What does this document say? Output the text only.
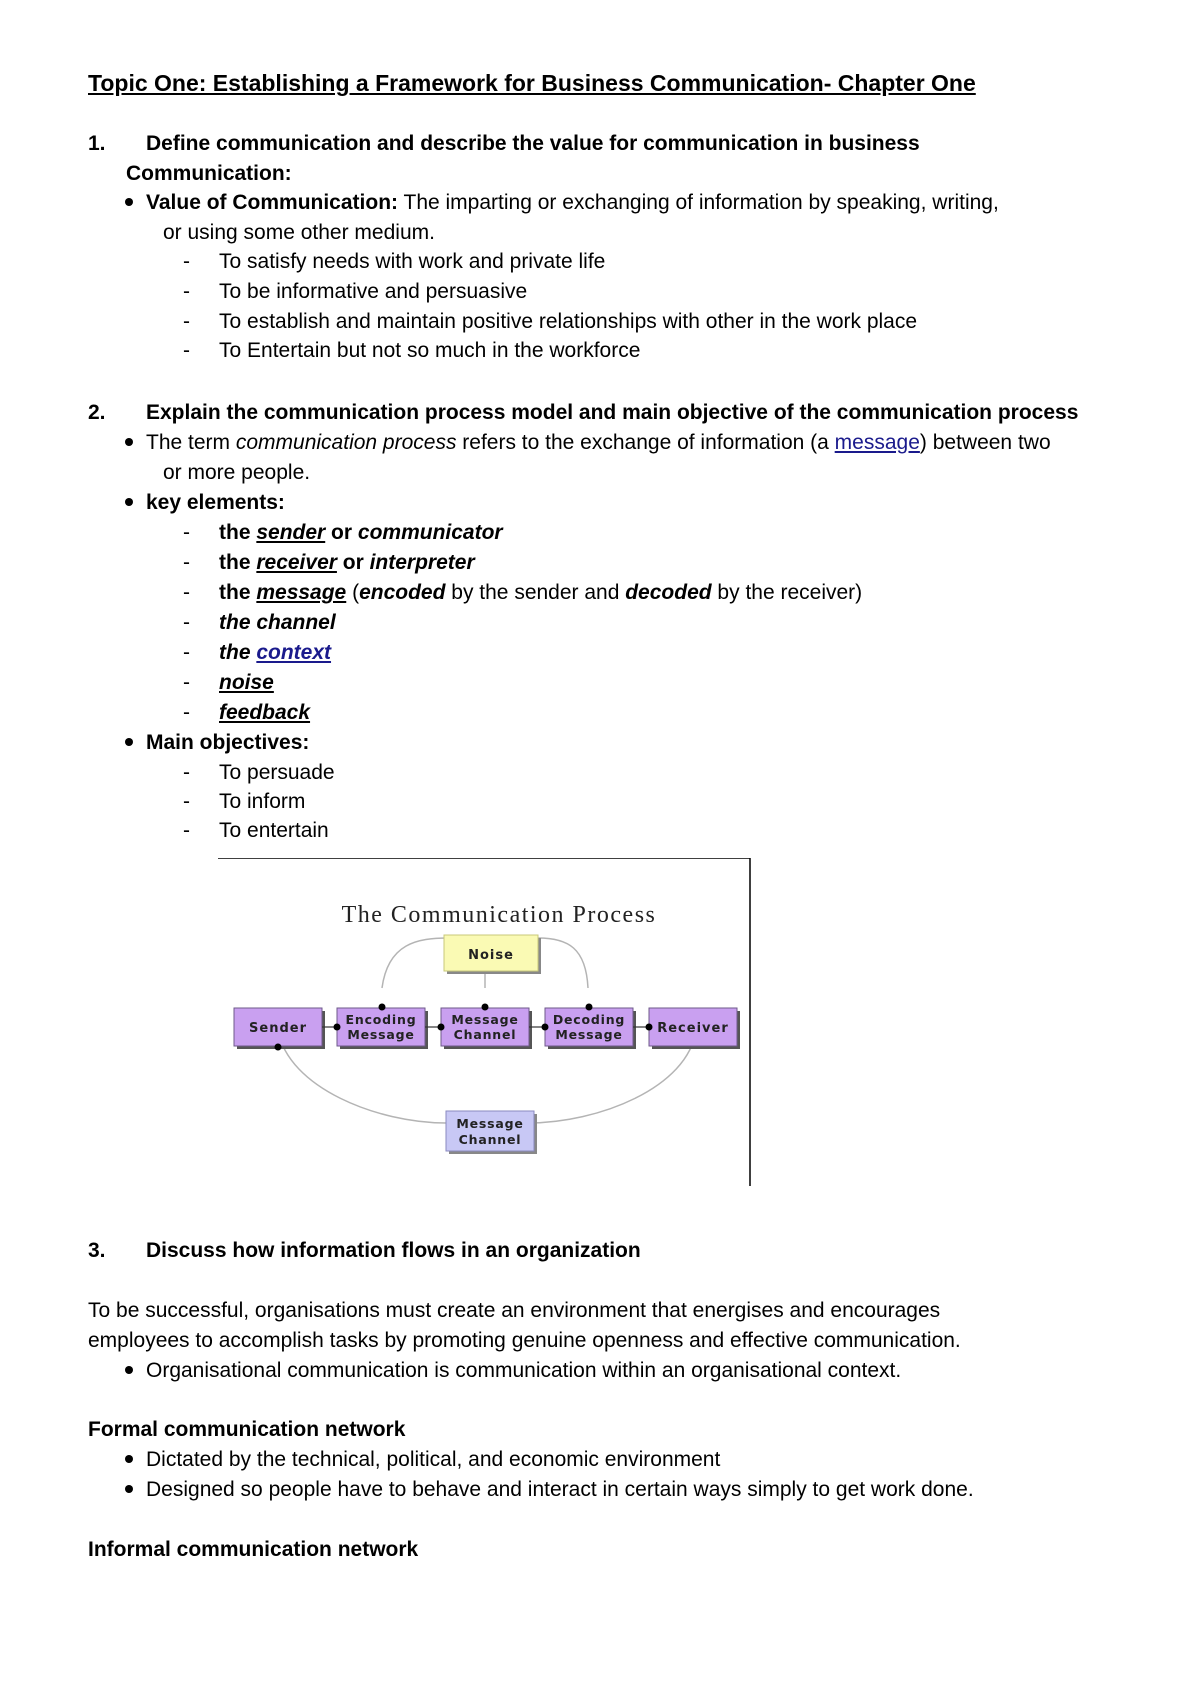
Topic One: Establishing a Framework for Business Communication- Chapter One
1. Define communication and describe the value for communication in business
Communication:
Value of Communication: The imparting or exchanging of information by speaking, writing,
or using some other medium.
- To satisfy needs with work and private life
- To be informative and persuasive
- To establish and maintain positive relationships with other in the work place
- To Entertain but not so much in the workforce
2. Explain the communication process model and main objective of the communication process
The term communication process refers to the exchange of information (a message) between two
or more people.
key elements:
- the sender or communicator
- the receiver or interpreter
- the message (encoded by the sender and decoded by the receiver)
- the channel
- the context
- noise
- feedback
Main objectives:
- To persuade
- To inform
- To entertain
The Communication Process
Noise
Sender
Encoding
Message
Message
Channel
Decoding
Message	Receiver
Message
Channel
3. Discuss how information flows in an organization
To be successful, organisations must create an environment that energises and encourages
employees to accomplish tasks by promoting genuine openness and effective communication.
Organisational communication is communication within an organisational context.
Formal communication network
Dictated by the technical, political, and economic environment
Designed so people have to behave and interact in certain ways simply to get work done.
Informal communication network
